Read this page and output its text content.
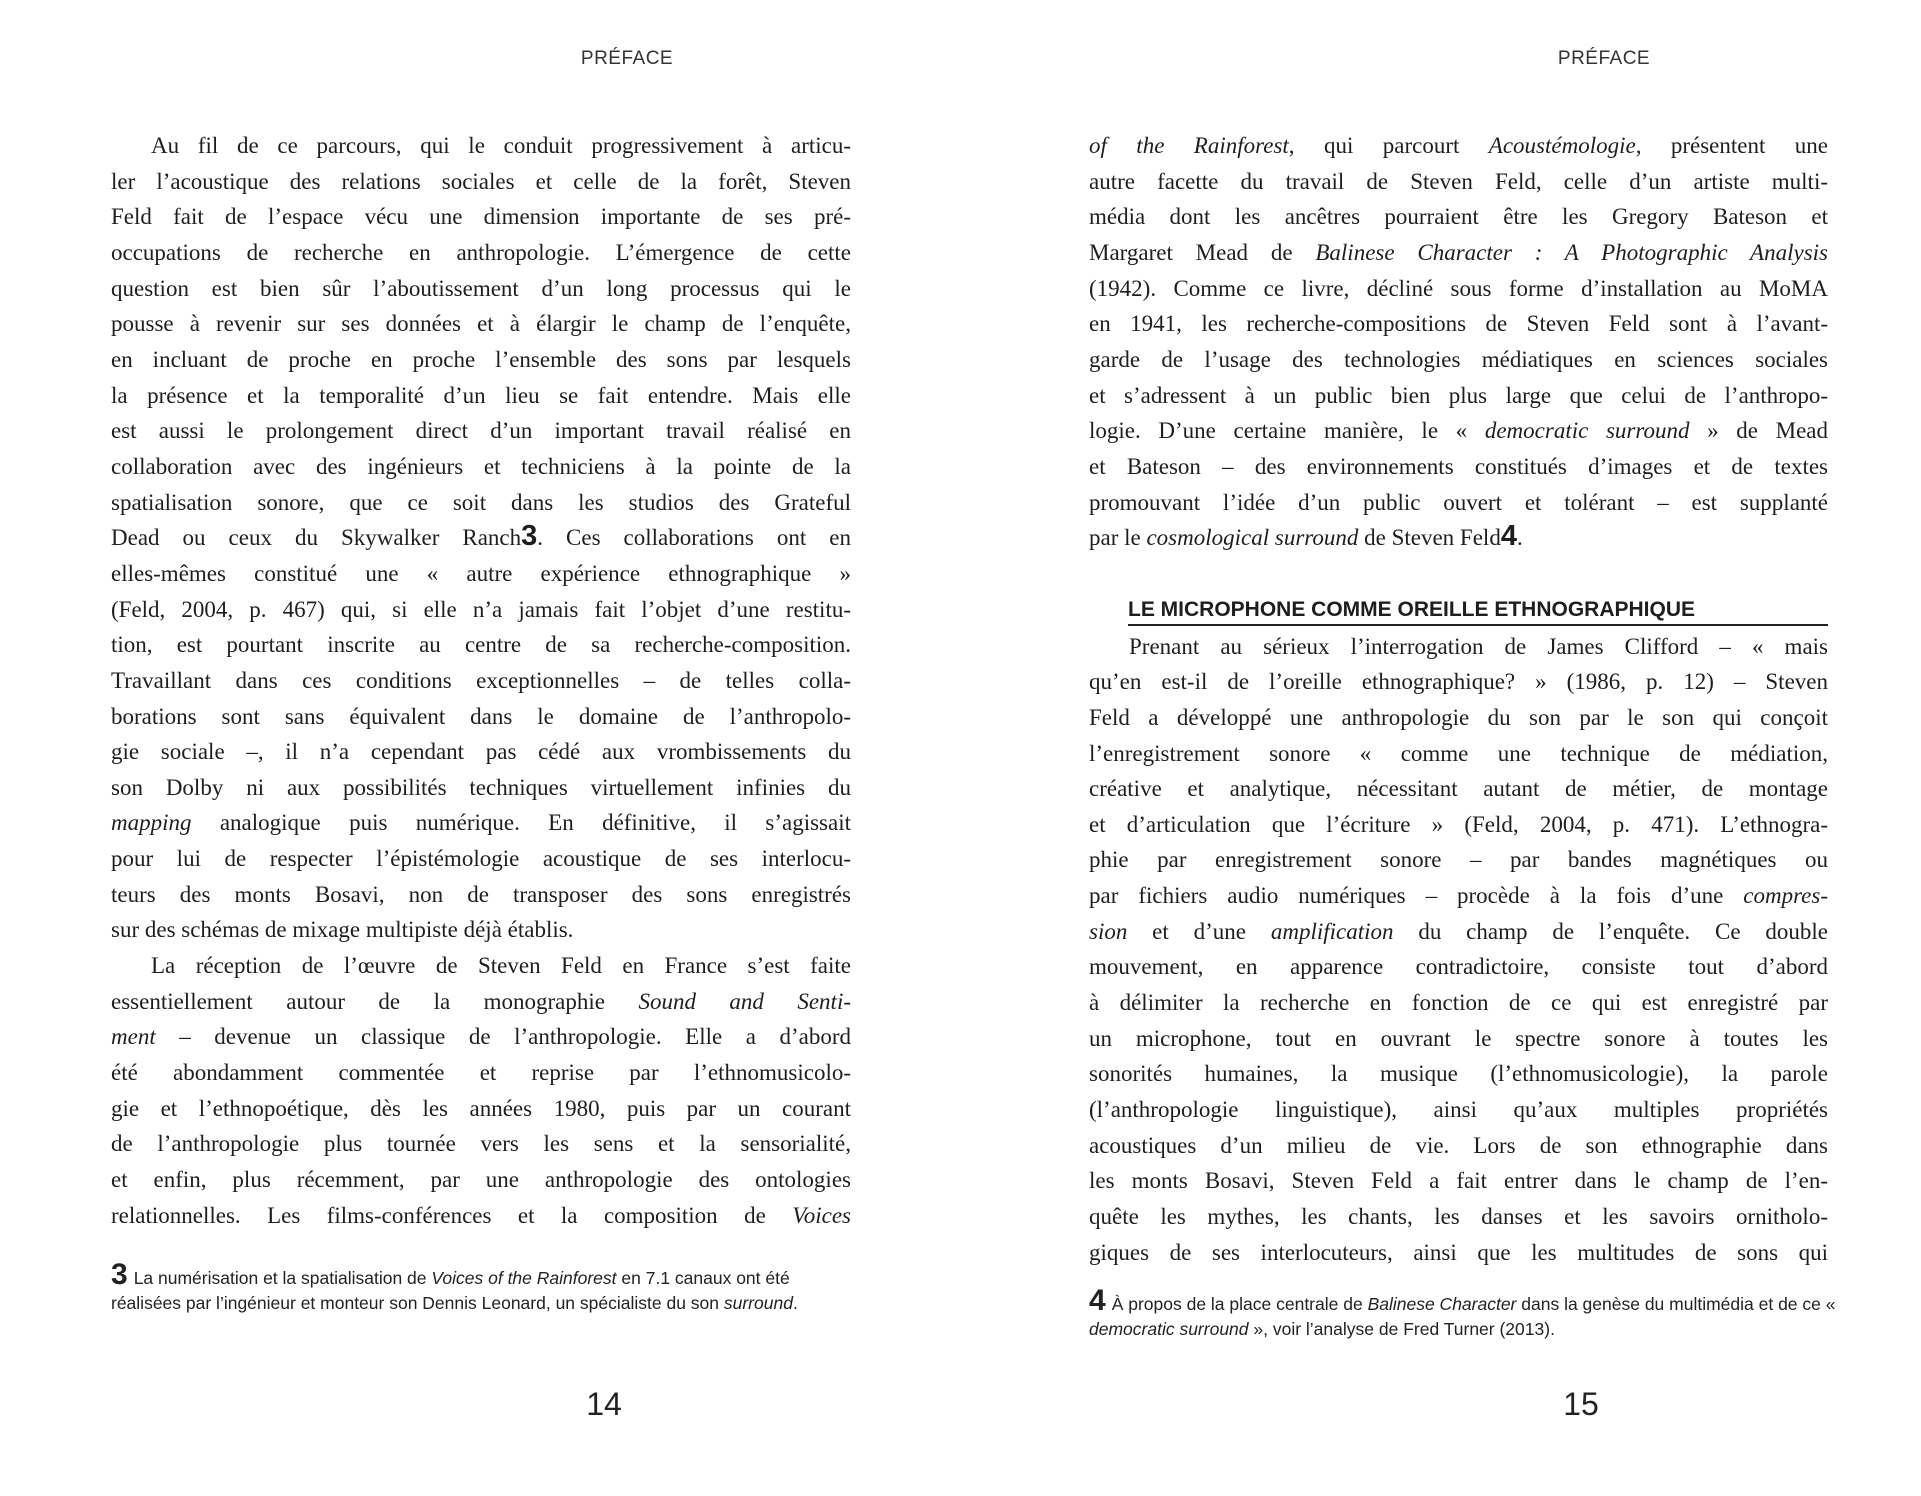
PRÉFACE	PRÉFACE
Au fil de ce parcours, qui le conduit progressivement à articu-
ler l’acoustique des relations sociales et celle de la forêt, Steven
Feld fait de l’espace vécu une dimension importante de ses pré-
occupations de recherche en anthropologie. L’émergence de cette
question est bien sûr l’aboutissement d’un long processus qui le
pousse à revenir sur ses données et à élargir le champ de l’enquête,
en incluant de proche en proche l’ensemble des sons par lesquels
la présence et la temporalité d’un lieu se fait entendre. Mais elle
est aussi le prolongement direct d’un important travail réalisé en
collaboration avec des ingénieurs et techniciens à la pointe de la
spatialisation sonore, que ce soit dans les studios des Grateful
Dead ou ceux du Skywalker Ranch3. Ces collaborations ont en
elles-mêmes constitué une « autre expérience ethnographique »
(Feld, 2004, p. 467) qui, si elle n’a jamais fait l’objet d’une restitu-
tion, est pourtant inscrite au centre de sa recherche-composition.
Travaillant dans ces conditions exceptionnelles – de telles colla-
borations sont sans équivalent dans le domaine de l’anthropolo-
gie sociale –, il n’a cependant pas cédé aux vrombissements du
son Dolby ni aux possibilités techniques virtuellement infinies du
mapping analogique puis numérique. En définitive, il s’agissait
pour lui de respecter l’épistémologie acoustique de ses interlocu-
teurs des monts Bosavi, non de transposer des sons enregistrés
sur des schémas de mixage multipiste déjà établis.
La réception de l’œuvre de Steven Feld en France s’est faite
essentiellement autour de la monographie Sound and Senti-
ment – devenue un classique de l’anthropologie. Elle a d’abord
été abondamment commentée et reprise par l’ethnomusicolo-
gie et l’ethnopoétique, dès les années 1980, puis par un courant
de l’anthropologie plus tournée vers les sens et la sensorialité,
et enfin, plus récemment, par une anthropologie des ontologies
relationnelles. Les films-conférences et la composition de Voices
of the Rainforest, qui parcourt Acoustémologie, présentent une
autre facette du travail de Steven Feld, celle d’un artiste multi-
média dont les ancêtres pourraient être les Gregory Bateson et
Margaret Mead de Balinese Character : A Photographic Analysis
(1942). Comme ce livre, décliné sous forme d’installation au MoMA
en 1941, les recherche-compositions de Steven Feld sont à l’avant-
garde de l’usage des technologies médiatiques en sciences sociales
et s’adressent à un public bien plus large que celui de l’anthropo-
logie. D’une certaine manière, le « democratic surround » de Mead
et Bateson – des environnements constitués d’images et de textes
promouvant l’idée d’un public ouvert et tolérant – est supplanté
par le cosmological surround de Steven Feld4.

LE MICROPHONE COMME OREILLE ETHNOGRAPHIQUE
Prenant au sérieux l’interrogation de James Clifford – « mais
qu’en est-il de l’oreille ethnographique? » (1986, p. 12) – Steven
Feld a développé une anthropologie du son par le son qui conçoit
l’enregistrement sonore « comme une technique de médiation,
créative et analytique, nécessitant autant de métier, de montage
et d’articulation que l’écriture » (Feld, 2004, p. 471). L’ethnogra-
phie par enregistrement sonore – par bandes magnétiques ou
par fichiers audio numériques – procède à la fois d’une compres-
sion et d’une amplification du champ de l’enquête. Ce double
mouvement, en apparence contradictoire, consiste tout d’abord
à délimiter la recherche en fonction de ce qui est enregistré par
un microphone, tout en ouvrant le spectre sonore à toutes les
sonorités humaines, la musique (l’ethnomusicologie), la parole
(l’anthropologie linguistique), ainsi qu’aux multiples propriétés
acoustiques d’un milieu de vie. Lors de son ethnographie dans
les monts Bosavi, Steven Feld a fait entrer dans le champ de l’en-
quête les mythes, les chants, les danses et les savoirs ornitholo-
giques de ses interlocuteurs, ainsi que les multitudes de sons qui
3 La numérisation et la spatialisation de Voices of the Rainforest en 7.1 canaux ont été réalisées par l’ingénieur et monteur son Dennis Leonard, un spécialiste du son surround.	4 À propos de la place centrale de Balinese Character dans la genèse du multimédia et de ce « democratic surround », voir l’analyse de Fred Turner (2013).
14	15
